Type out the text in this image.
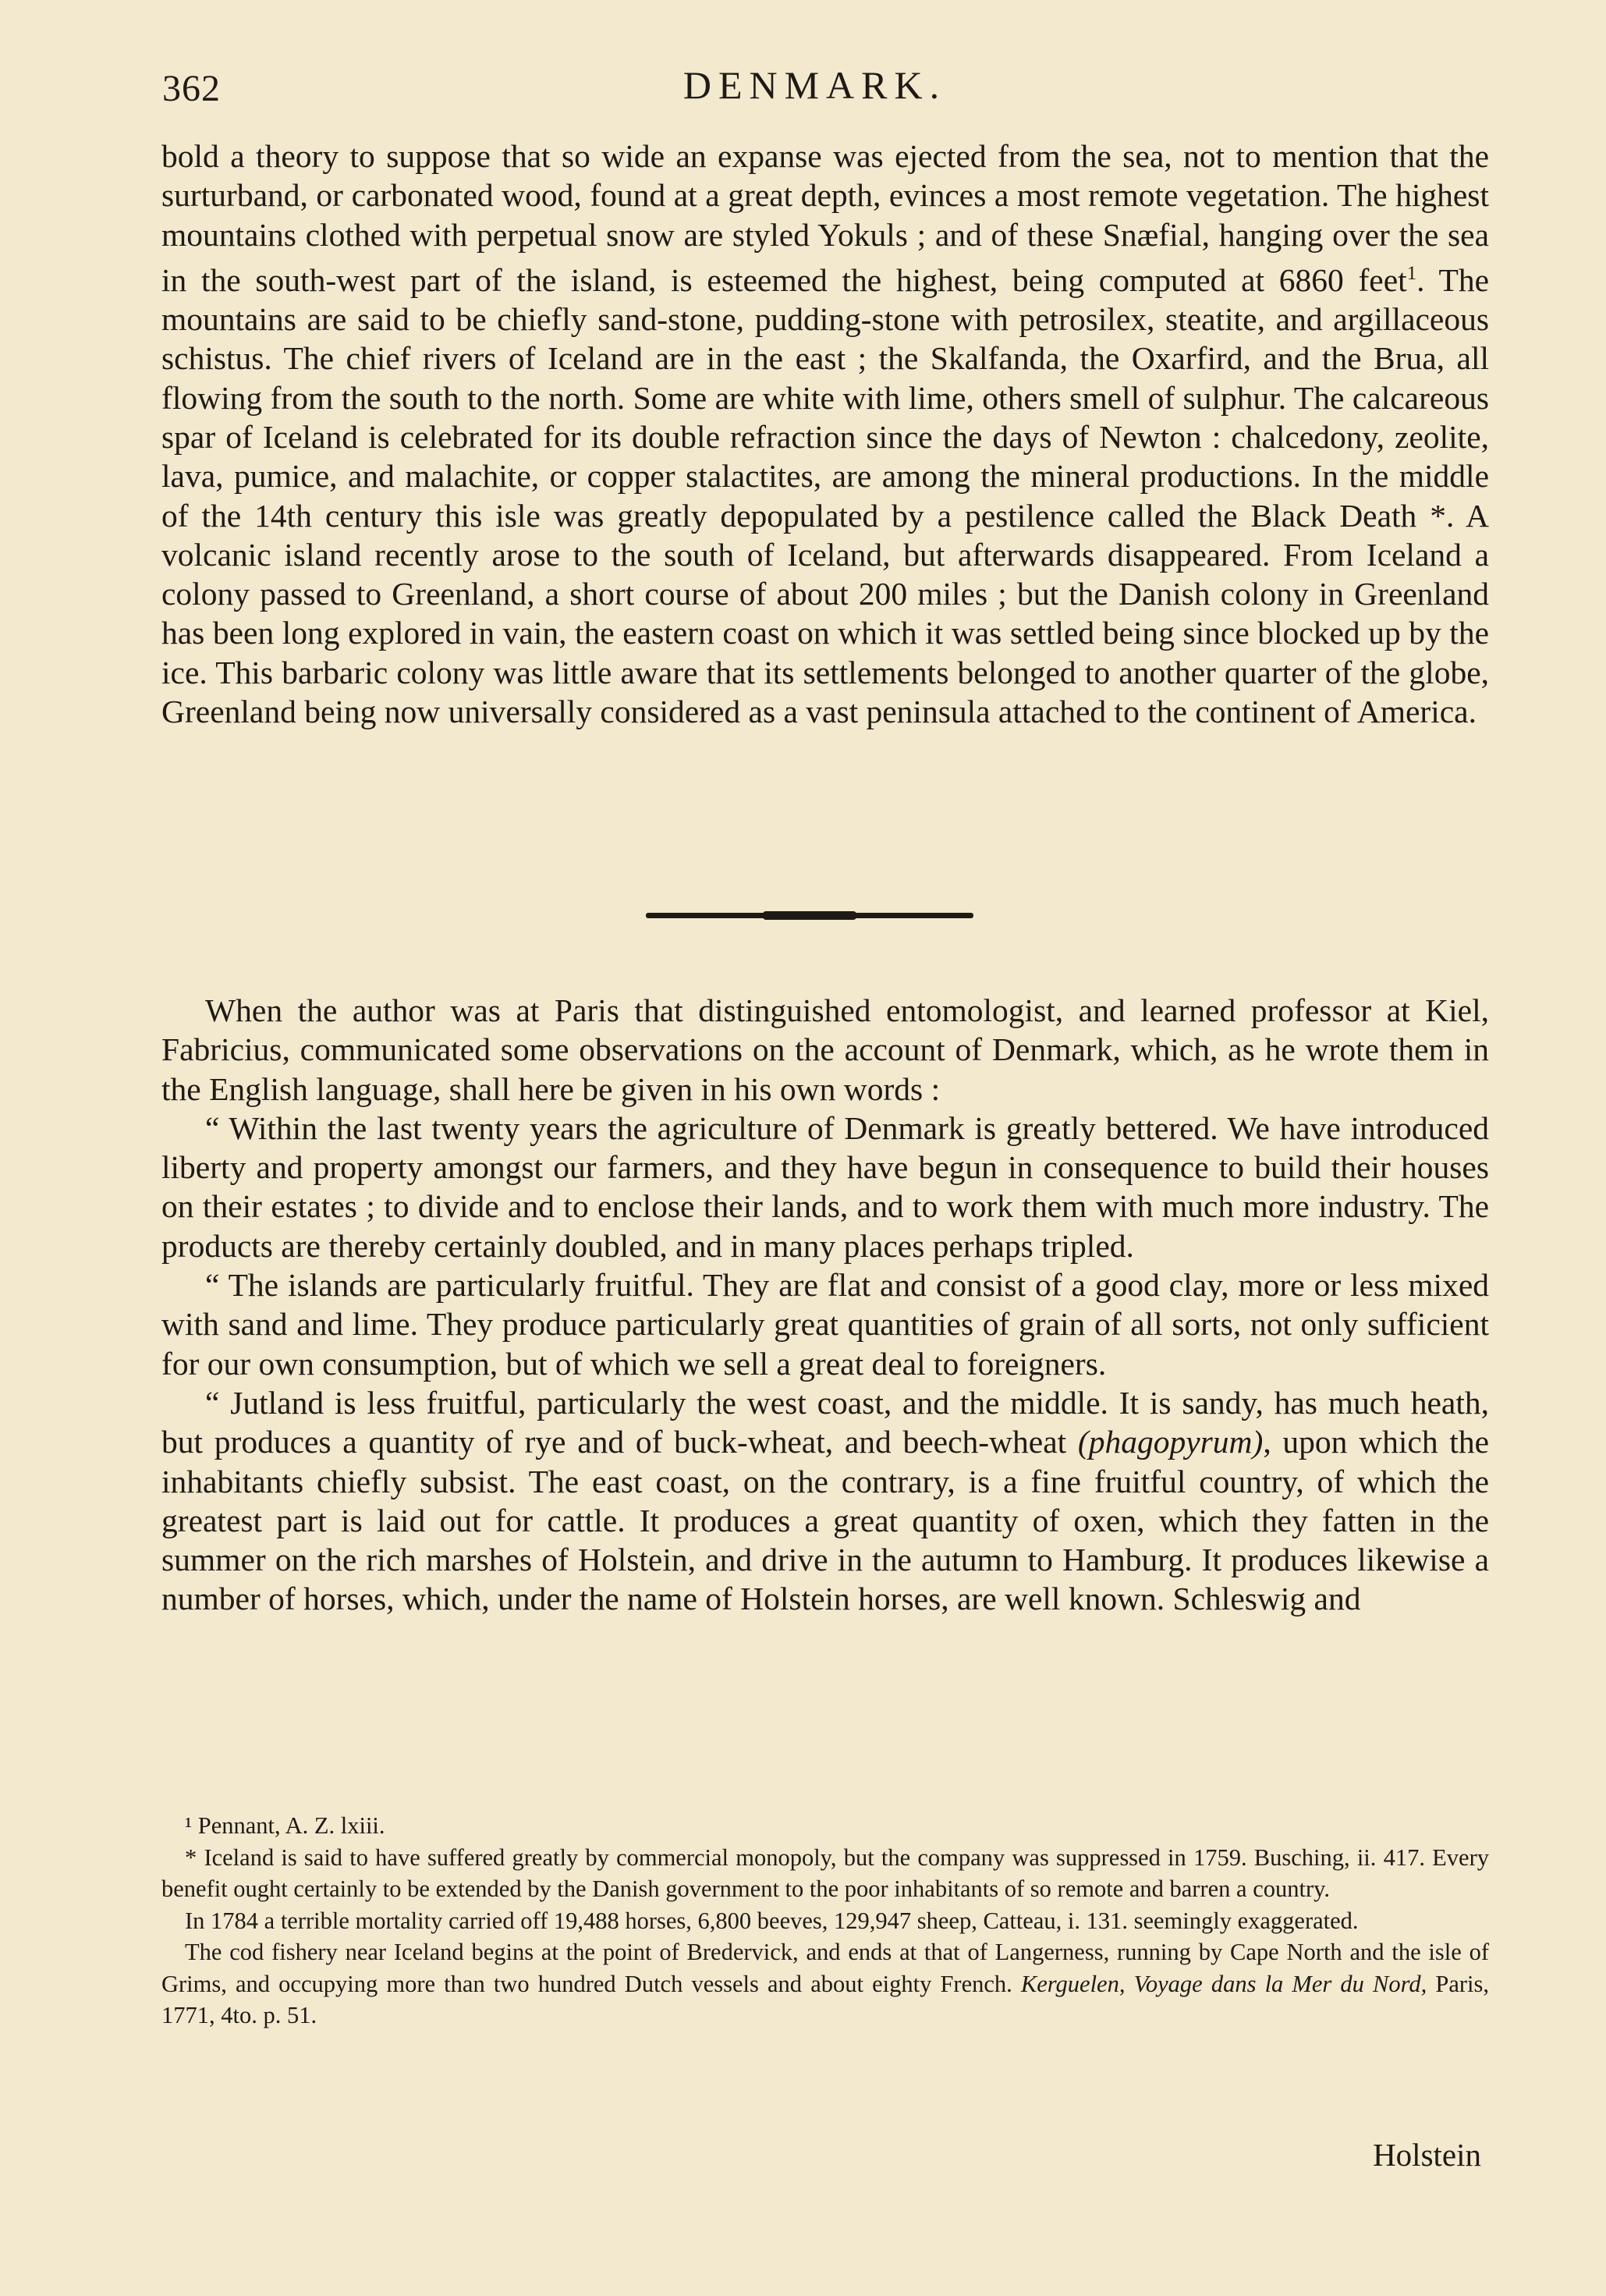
362	DENMARK.

bold a theory to suppose that so wide an expanse was ejected from the sea, not to mention that the surturband, or carbonated wood, found at a great depth, evinces a most remote vegetation. The highest mountains clothed with perpetual snow are styled Yokuls ; and of these Snæfial, hanging over the sea in the south-west part of the island, is esteemed the highest, being computed at 6860 feet$^1$. The mountains are said to be chiefly sand-stone, pudding-stone with petrosilex, steatite, and argillaceous schistus. The chief rivers of Iceland are in the east ; the Skalfanda, the Oxarfird, and the Brua, all flowing from the south to the north. Some are white with lime, others smell of sulphur. The calcareous spar of Iceland is celebrated for its double refraction since the days of Newton : chalcedony, zeolite, lava, pumice, and malachite, or copper stalactites, are among the mineral productions. In the middle of the 14th century this isle was greatly depopulated by a pestilence called the Black Death *. A volcanic island recently arose to the south of Iceland, but afterwards disappeared. From Iceland a colony passed to Greenland, a short course of about 200 miles ; but the Danish colony in Greenland has been long explored in vain, the eastern coast on which it was settled being since blocked up by the ice. This barbaric colony was little aware that its settlements belonged to another quarter of the globe, Greenland being now universally considered as a vast peninsula attached to the continent of America.

When the author was at Paris that distinguished entomologist, and learned professor at Kiel, Fabricius, communicated some observations on the account of Denmark, which, as he wrote them in the English language, shall here be given in his own words :

“ Within the last twenty years the agriculture of Denmark is greatly bettered. We have introduced liberty and property amongst our farmers, and they have begun in consequence to build their houses on their estates ; to divide and to enclose their lands, and to work them with much more industry. The products are thereby certainly doubled, and in many places perhaps tripled.

“ The islands are particularly fruitful. They are flat and consist of a good clay, more or less mixed with sand and lime. They produce particularly great quantities of grain of all sorts, not only sufficient for our own consumption, but of which we sell a great deal to foreigners.

“ Jutland is less fruitful, particularly the west coast, and the middle. It is sandy, has much heath, but produces a quantity of rye and of buck-wheat, and beech-wheat (phagopyrum), upon which the inhabitants chiefly subsist. The east coast, on the contrary, is a fine fruitful country, of which the greatest part is laid out for cattle. It produces a great quantity of oxen, which they fatten in the summer on the rich marshes of Holstein, and drive in the autumn to Hamburg. It produces likewise a number of horses, which, under the name of Holstein horses, are well known. Schleswig and

¹ Pennant, A. Z. lxiii.

* Iceland is said to have suffered greatly by commercial monopoly, but the company was suppressed in 1759. Busching, ii. 417. Every benefit ought certainly to be extended by the Danish government to the poor inhabitants of so remote and barren a country.

In 1784 a terrible mortality carried off 19,488 horses, 6,800 beeves, 129,947 sheep, Catteau, i. 131. seemingly exaggerated.

The cod fishery near Iceland begins at the point of Bredervick, and ends at that of Langerness, running by Cape North and the isle of Grims, and occupying more than two hundred Dutch vessels and about eighty French. Kerguelen, Voyage dans la Mer du Nord, Paris, 1771, 4to. p. 51.

Holstein
